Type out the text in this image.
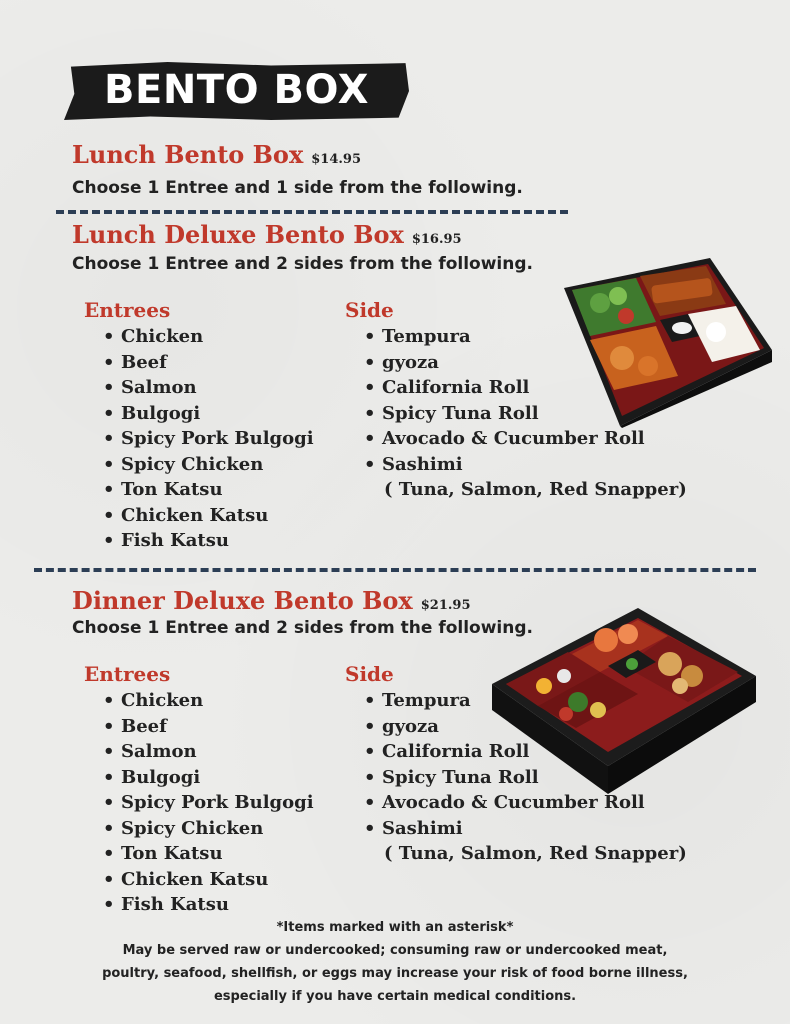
BENTO BOX
Lunch Bento Box $14.95
Choose 1 Entree and 1 side from the following.
Lunch Deluxe Bento Box $16.95
Choose 1 Entree and 2 sides from the following.
Entrees
• Chicken
• Beef
• Salmon
• Bulgogi
• Spicy Pork Bulgogi
• Spicy Chicken
• Ton Katsu
• Chicken Katsu
• Fish Katsu
Side
• Tempura
• gyoza
• California Roll
• Spicy Tuna Roll
• Avocado & Cucumber Roll
• Sashimi
( Tuna, Salmon, Red Snapper)
Dinner Deluxe Bento Box $21.95
Choose 1 Entree and 2 sides from the following.
Entrees
• Chicken
• Beef
• Salmon
• Bulgogi
• Spicy Pork Bulgogi
• Spicy Chicken
• Ton Katsu
• Chicken Katsu
• Fish Katsu
Side
• Tempura
• gyoza
• California Roll
• Spicy Tuna Roll
• Avocado & Cucumber Roll
• Sashimi
( Tuna, Salmon, Red Snapper)
*Items marked with an asterisk*
May be served raw or undercooked; consuming raw or undercooked meat,
poultry, seafood, shellfish, or eggs may increase your risk of food borne illness,
especially if you have certain medical conditions.
